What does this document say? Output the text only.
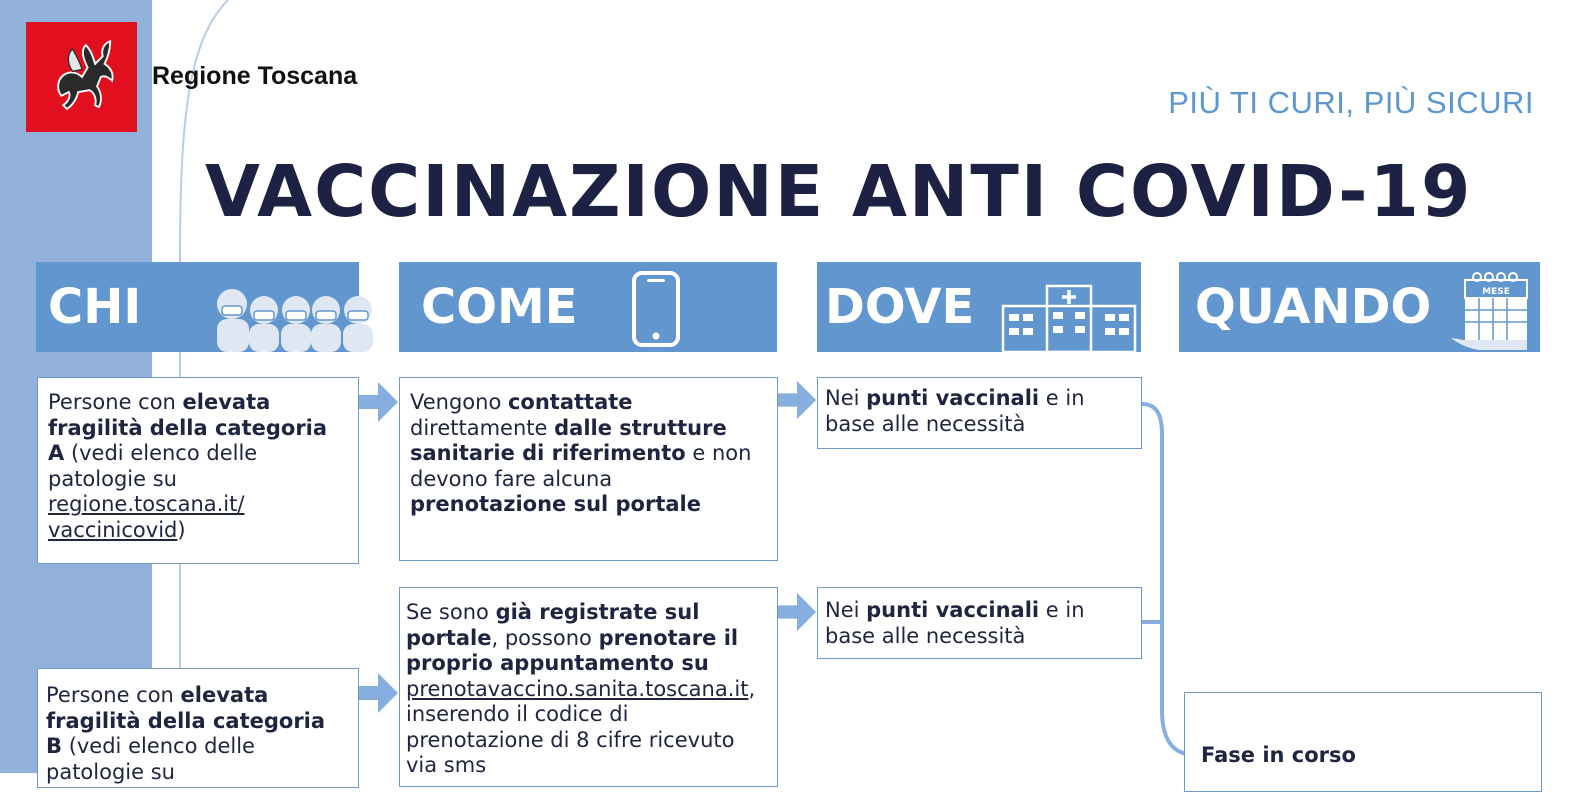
Regione Toscana
PIÙ TI CURI, PIÙ SICURI
VACCINAZIONE ANTI COVID-19
CHI	COME	DOVE	QUANDO	MESE
Persone con elevata fragilità della categoria A (vedi elenco delle patologie su regione.toscana.it/ vaccinicovid)
Vengono contattate direttamente dalle strutture sanitarie di riferimento e non devono fare alcuna prenotazione sul portale
Nei punti vaccinali e in base alle necessità
Persone con elevata fragilità della categoria B (vedi elenco delle patologie su
Se sono già registrate sul portale, possono prenotare il proprio appuntamento su
prenotavaccino.sanita.toscana.it, inserendo il codice di prenotazione di 8 cifre ricevuto via sms
Nei punti vaccinali e in base alle necessità
Fase in corso
